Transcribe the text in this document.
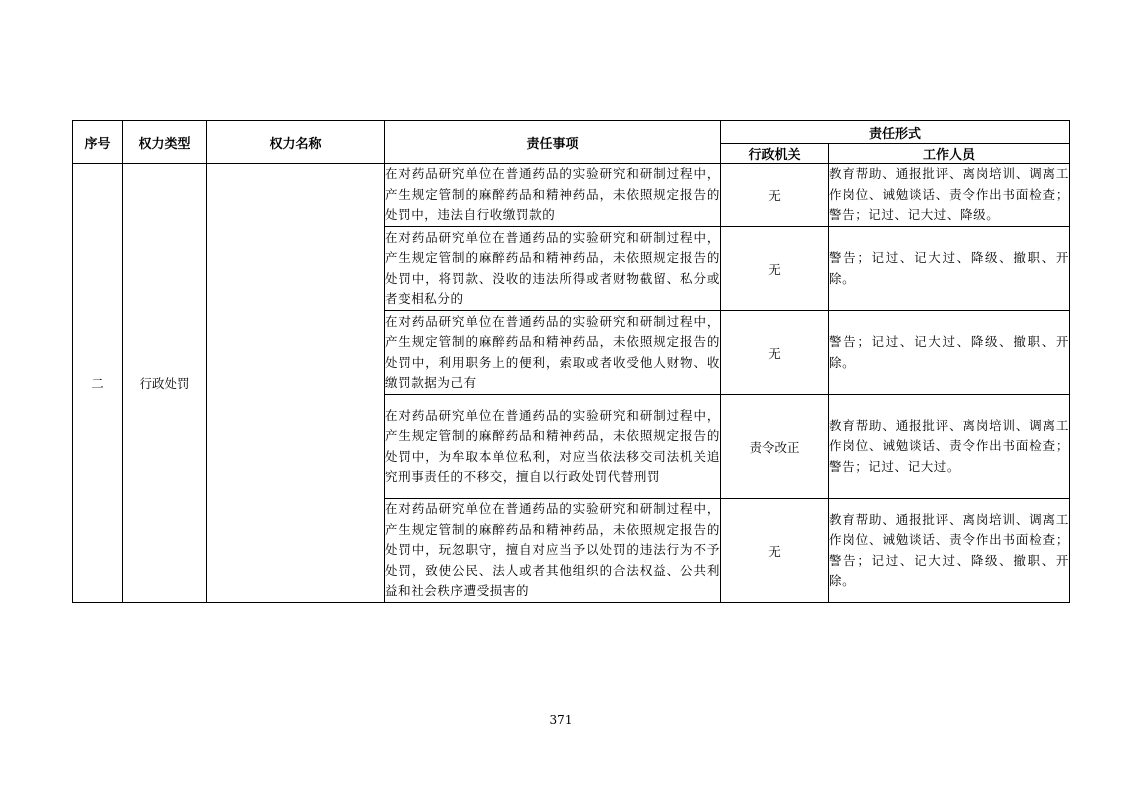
序号	权力类型	权力名称	责任事项	责任形式	
				行政机关	工作人员
二	行政处罚		在对药品研究单位在普通药品的实验研究和研制过程中，产生规定管制的麻醉药品和精神药品，未依照规定报告的处罚中，违法自行收缴罚款的	无	教育帮助、通报批评、离岗培训、调离工作岗位、诫勉谈话、责令作出书面检查；警告；记过、记大过、降级。
			在对药品研究单位在普通药品的实验研究和研制过程中，产生规定管制的麻醉药品和精神药品，未依照规定报告的处罚中，将罚款、没收的违法所得或者财物截留、私分或者变相私分的	无	警告；记过、记大过、降级、撤职、开除。
			在对药品研究单位在普通药品的实验研究和研制过程中，产生规定管制的麻醉药品和精神药品，未依照规定报告的处罚中，利用职务上的便利，索取或者收受他人财物、收缴罚款据为己有	无	警告；记过、记大过、降级、撤职、开除。
			在对药品研究单位在普通药品的实验研究和研制过程中，产生规定管制的麻醉药品和精神药品，未依照规定报告的处罚中，为牟取本单位私利，对应当依法移交司法机关追究刑事责任的不移交，擅自以行政处罚代替刑罚	责令改正	教育帮助、通报批评、离岗培训、调离工作岗位、诫勉谈话、责令作出书面检查；警告；记过、记大过。
			在对药品研究单位在普通药品的实验研究和研制过程中，产生规定管制的麻醉药品和精神药品，未依照规定报告的处罚中，玩忽职守，擅自对应当予以处罚的违法行为不予处罚，致使公民、法人或者其他组织的合法权益、公共利益和社会秩序遭受损害的	无	教育帮助、通报批评、离岗培训、调离工作岗位、诫勉谈话、责令作出书面检查；警告；记过、记大过、降级、撤职、开除。
371
